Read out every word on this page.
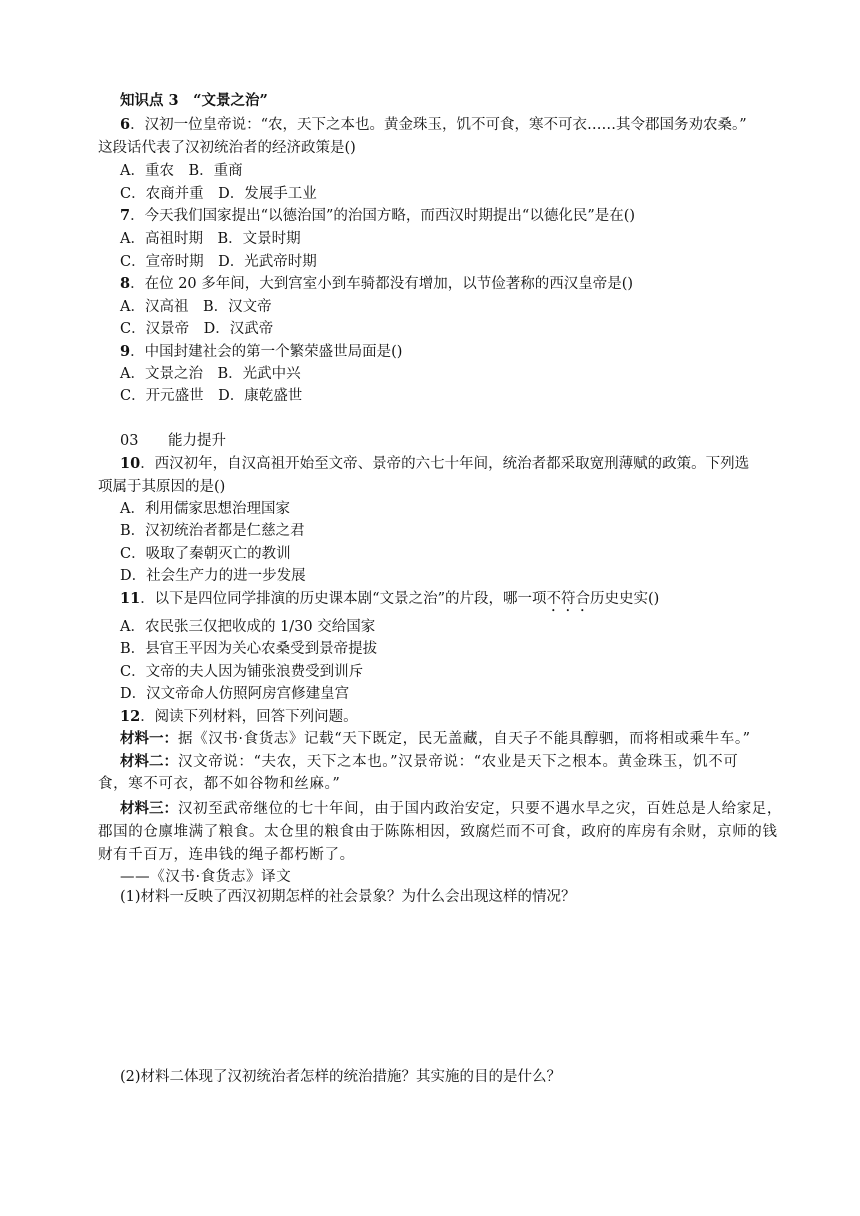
知识点 3　“文景之治”
6．汉初一位皇帝说：“农，天下之本也。黄金珠玉，饥不可食，寒不可衣……其令郡国务劝农桑。”
这段话代表了汉初统治者的经济政策是()
A．重农　B．重商
C．农商并重　D．发展手工业
7．今天我们国家提出“以德治国”的治国方略，而西汉时期提出“以德化民”是在()
A．高祖时期　B．文景时期
C．宣帝时期　D．光武帝时期
8．在位 20 多年间，大到宫室小到车骑都没有增加，以节俭著称的西汉皇帝是()
A．汉高祖　B．汉文帝
C．汉景帝　D．汉武帝
9．中国封建社会的第一个繁荣盛世局面是()
A．文景之治　B．光武中兴
C．开元盛世　D．康乾盛世
03 能力提升
10．西汉初年，自汉高祖开始至文帝、景帝的六七十年间，统治者都采取宽刑薄赋的政策。下列选
项属于其原因的是()
A．利用儒家思想治理国家
B．汉初统治者都是仁慈之君
C．吸取了秦朝灭亡的教训
D．社会生产力的进一步发展
11．以下是四位同学排演的历史课本剧“文景之治”的片段，哪一项不符合历史史实()
A．农民张三仅把收成的 1/30 交给国家
B．县官王平因为关心农桑受到景帝提拔
C．文帝的夫人因为铺张浪费受到训斥
D．汉文帝命人仿照阿房宫修建皇宫
12．阅读下列材料，回答下列问题。
材料一：据《汉书·食货志》记载“天下既定，民无盖藏，自天子不能具醇驷，而将相或乘牛车。”
材料二：汉文帝说：“夫农，天下之本也。”汉景帝说：“农业是天下之根本。黄金珠玉，饥不可
食，寒不可衣，都不如谷物和丝麻。”
材料三：汉初至武帝继位的七十年间，由于国内政治安定，只要不遇水旱之灾，百姓总是人给家足，
郡国的仓廪堆满了粮食。太仓里的粮食由于陈陈相因，致腐烂而不可食，政府的库房有余财，京师的钱
财有千百万，连串钱的绳子都朽断了。
——《汉书·食货志》译文
(1)材料一反映了西汉初期怎样的社会景象？为什么会出现这样的情况？
(2)材料二体现了汉初统治者怎样的统治措施？其实施的目的是什么？
